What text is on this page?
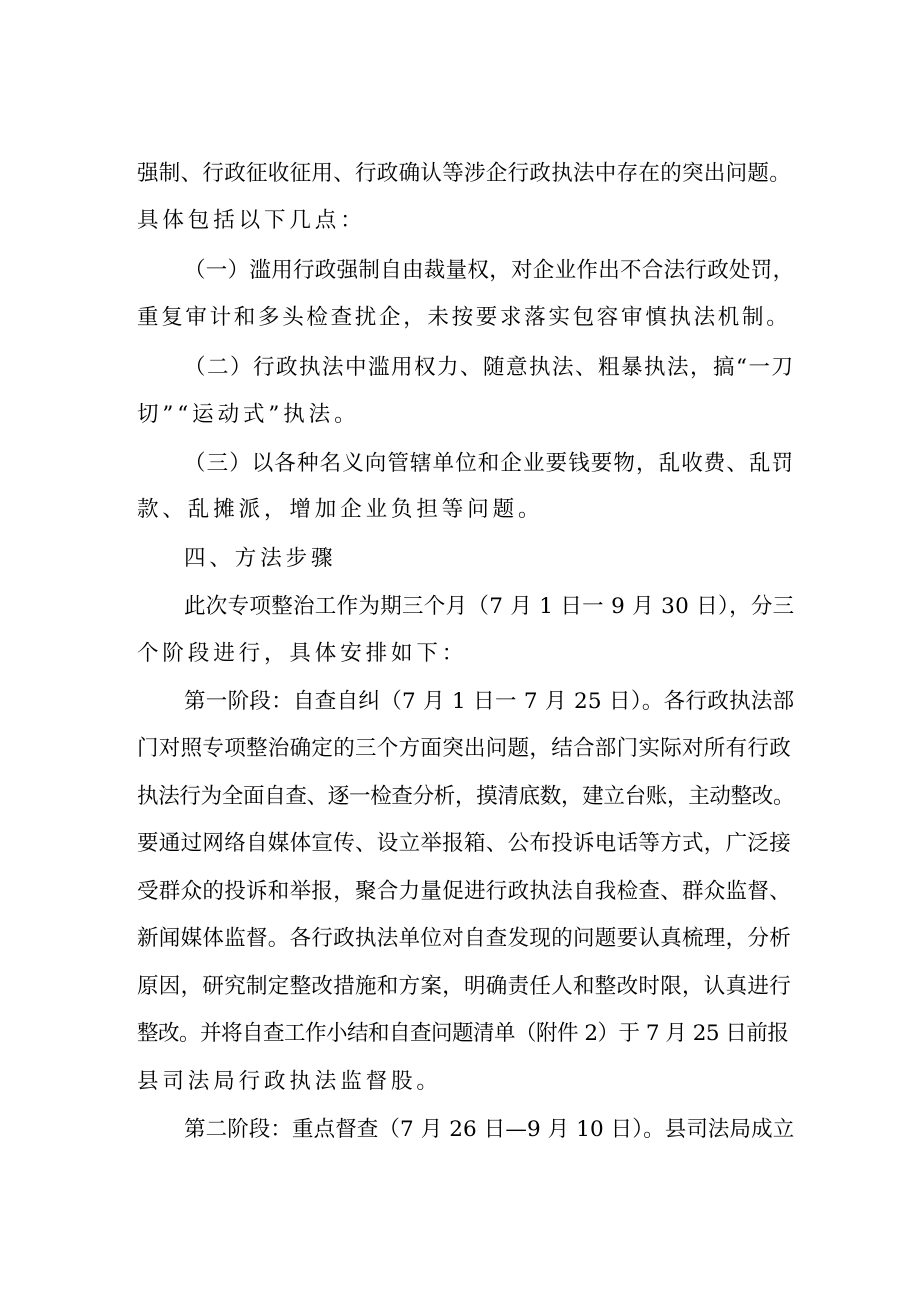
强制、行政征收征用、行政确认等涉企行政执法中存在的突出问题。
具体包括以下几点：
（一）滥用行政强制自由裁量权，对企业作出不合法行政处罚，
重复审计和多头检查扰企，未按要求落实包容审慎执法机制。
（二）行政执法中滥用权力、随意执法、粗暴执法，搞“一刀
切”“运动式”执法。
（三）以各种名义向管辖单位和企业要钱要物，乱收费、乱罚
款、乱摊派，增加企业负担等问题。
四、方法步骤
此次专项整治工作为期三个月（7 月 1 日一 9 月 30 日），分三
个阶段进行，具体安排如下：
第一阶段：自查自纠（7 月 1 日一 7 月 25 日）。各行政执法部
门对照专项整治确定的三个方面突出问题，结合部门实际对所有行政
执法行为全面自查、逐一检查分析，摸清底数，建立台账，主动整改。
要通过网络自媒体宣传、设立举报箱、公布投诉电话等方式，广泛接
受群众的投诉和举报，聚合力量促进行政执法自我检查、群众监督、
新闻媒体监督。各行政执法单位对自查发现的问题要认真梳理，分析
原因，研究制定整改措施和方案，明确责任人和整改时限，认真进行
整改。并将自查工作小结和自查问题清单（附件 2）于 7 月 25 日前报
县司法局行政执法监督股。
第二阶段：重点督查（7 月 26 日—9 月 10 日）。县司法局成立
